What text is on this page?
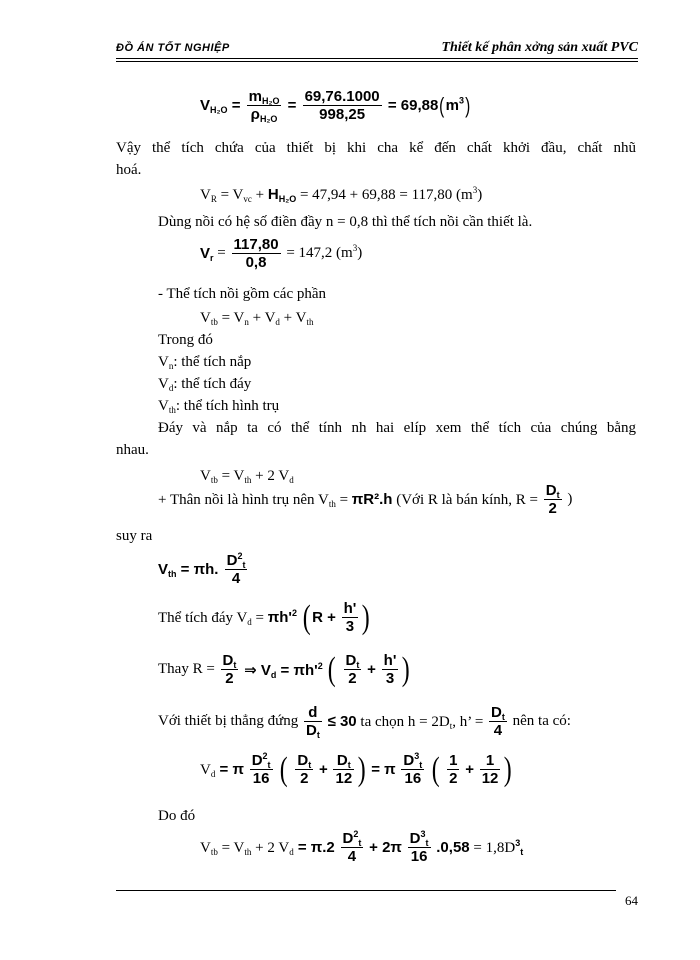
ĐỒ ÁN TỐT NGHIỆP	Thiết kế phân xởng sản xuất PVC
$V_{H_2O} = \frac{m_{H_2O}}{\rho_{H_2O}} = \frac{69,76.1000}{998,25} = 69,88(m^3)$
Vậy thể tích chứa của thiết bị khi cha kể đến chất khởi đầu, chất nhũ
hoá.
$V_R = V_{vc} + H_{H_2O} = 47,94 + 69,88 = 117,80$ $(m^3)$
Dùng nồi có hệ số điền đầy n = 0,8 thì thể tích nồi cần thiết là.
$V_r = \frac{117,80}{0,8} = 147,2$ $(m^3)$
- Thể tích nồi gồm các phần
$V_{tb} = V_n + V_d + V_{th}$
Trong đó
$V_n$: thể tích nắp
$V_d$: thể tích đáy
$V_{th}$: thể tích hình trụ
Đáy và nắp ta có thể tính nh hai elíp xem thể tích của chúng bằng
nhau.
$V_{tb} = V_{th} + 2$ $V_d$
+ Thân nồi là hình trụ nên $V_{th} = \pi R^2.h$ (Với R là bán kính, $R = \frac{D_t}{2}$ )
suy ra
$V_{th} = \pi h$. $\frac{D^2_t}{4}$
Thể tích đáy $V_d = \pi h'^2$ ( $R + \frac{h'}{3}$ )
Thay $R = \frac{D_t}{2}$ ⇒ $V_d = \pi h'^2$ ( $\frac{D_t}{2} + \frac{h'}{3}$ )
Với thiết bị thẳng đứng $\frac{d}{D_t} \le 30$ ta chọn $h = 2D_t$, h’ = $\frac{D_t}{4}$ nên ta có:
$V_d = \pi \frac{D^2_t}{16}$ ( $\frac{D_t}{2} + \frac{D_t}{12}$ ) = π $\frac{D^3_t}{16}$ ( $\frac{1}{2} + \frac{1}{12}$ )
Do đó
$V_{tb} = V_{th} + 2$ $V_d = \pi.2 \frac{D^2_t}{4} + 2\pi \frac{D^3_t}{16} .0,58 = 1,8D^3_t$
64
